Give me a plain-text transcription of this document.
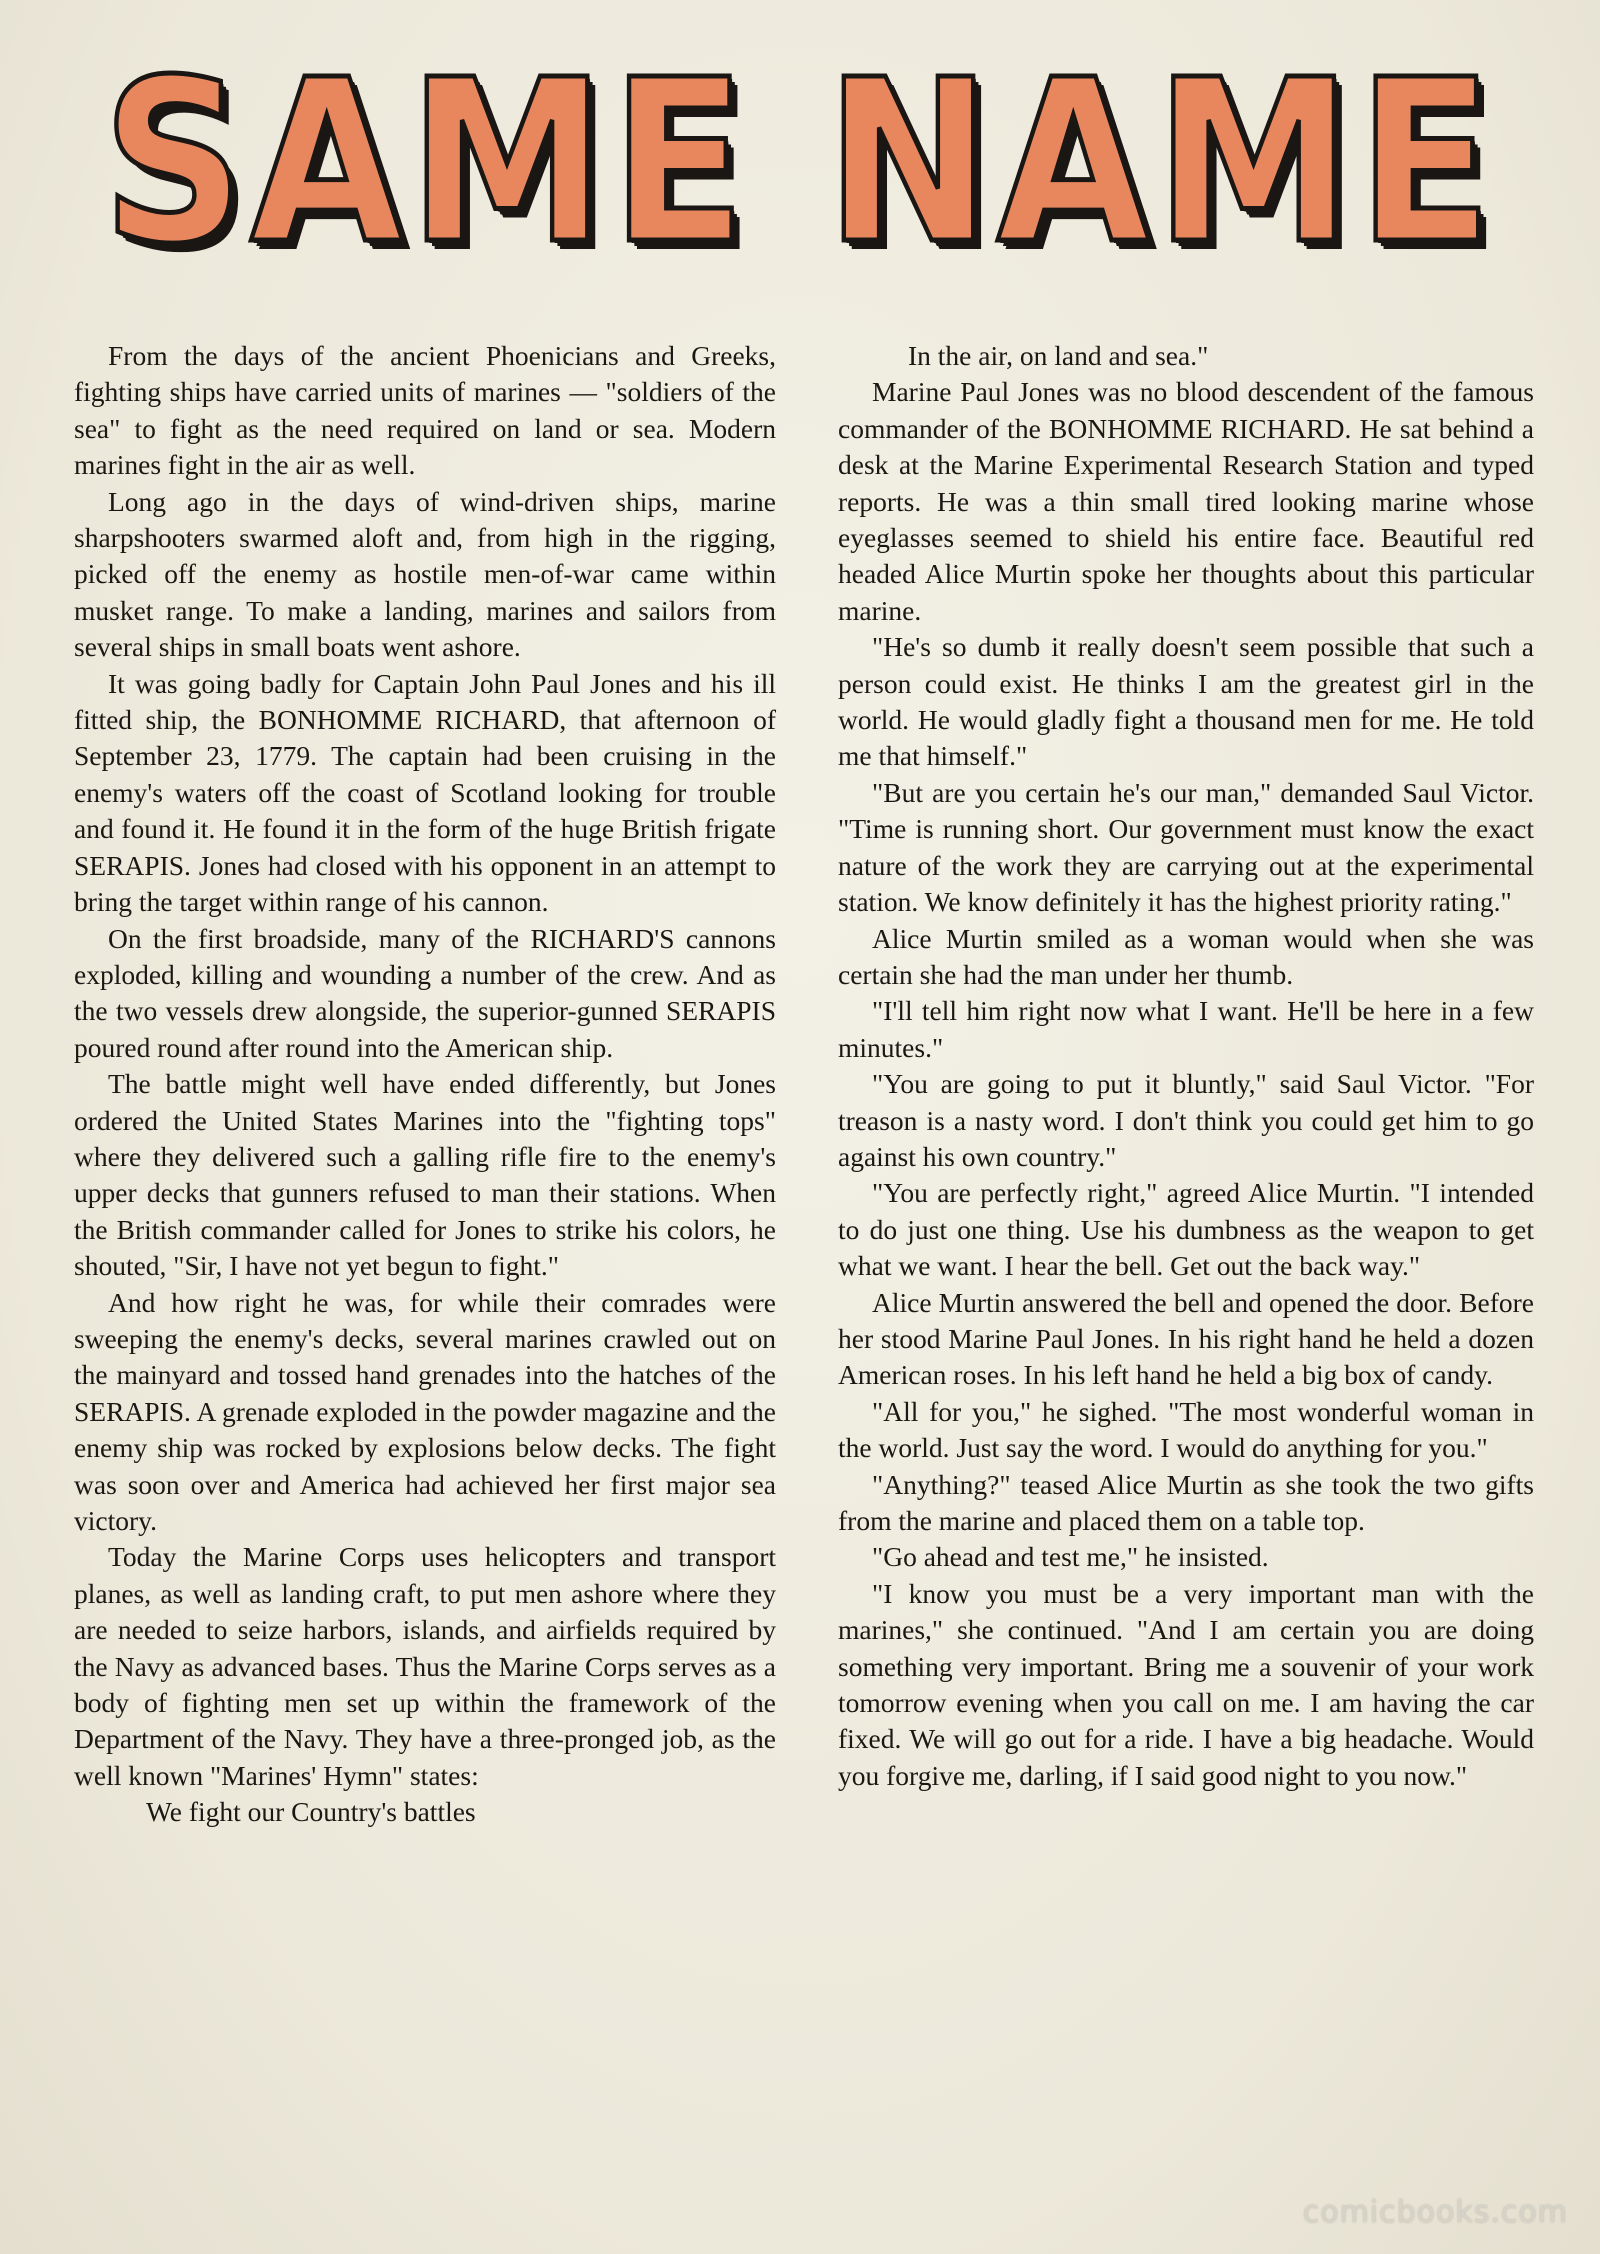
SAME NAME

From the days of the ancient Phoenicians and Greeks, fighting ships have carried units of marines — "soldiers of the sea" to fight as the need required on land or sea. Modern marines fight in the air as well.

Long ago in the days of wind-driven ships, marine sharpshooters swarmed aloft and, from high in the rigging, picked off the enemy as hostile men-of-war came within musket range. To make a landing, marines and sailors from several ships in small boats went ashore.

It was going badly for Captain John Paul Jones and his ill fitted ship, the BONHOMME RICHARD, that afternoon of September 23, 1779. The captain had been cruising in the enemy's waters off the coast of Scotland looking for trouble and found it. He found it in the form of the huge British frigate SERAPIS. Jones had closed with his opponent in an attempt to bring the target within range of his cannon.

On the first broadside, many of the RICHARD'S cannons exploded, killing and wounding a number of the crew. And as the two vessels drew alongside, the superior-gunned SERAPIS poured round after round into the American ship.

The battle might well have ended differently, but Jones ordered the United States Marines into the "fighting tops" where they delivered such a galling rifle fire to the enemy's upper decks that gunners refused to man their stations. When the British commander called for Jones to strike his colors, he shouted, "Sir, I have not yet begun to fight."

And how right he was, for while their comrades were sweeping the enemy's decks, several marines crawled out on the mainyard and tossed hand grenades into the hatches of the SERAPIS. A grenade exploded in the powder magazine and the enemy ship was rocked by explosions below decks. The fight was soon over and America had achieved her first major sea victory.

Today the Marine Corps uses helicopters and transport planes, as well as landing craft, to put men ashore where they are needed to seize harbors, islands, and airfields required by the Navy as advanced bases. Thus the Marine Corps serves as a body of fighting men set up within the framework of the Department of the Navy. They have a three-pronged job, as the well known "Marines' Hymn" states:

We fight our Country's battles

In the air, on land and sea."

Marine Paul Jones was no blood descendent of the famous commander of the BONHOMME RICHARD. He sat behind a desk at the Marine Experimental Research Station and typed reports. He was a thin small tired looking marine whose eyeglasses seemed to shield his entire face. Beautiful red headed Alice Murtin spoke her thoughts about this particular marine.

"He's so dumb it really doesn't seem possible that such a person could exist. He thinks I am the greatest girl in the world. He would gladly fight a thousand men for me. He told me that himself."

"But are you certain he's our man," demanded Saul Victor. "Time is running short. Our government must know the exact nature of the work they are carrying out at the experimental station. We know definitely it has the highest priority rating."

Alice Murtin smiled as a woman would when she was certain she had the man under her thumb.

"I'll tell him right now what I want. He'll be here in a few minutes."

"You are going to put it bluntly," said Saul Victor. "For treason is a nasty word. I don't think you could get him to go against his own country."

"You are perfectly right," agreed Alice Murtin. "I intended to do just one thing. Use his dumbness as the weapon to get what we want. I hear the bell. Get out the back way."

Alice Murtin answered the bell and opened the door. Before her stood Marine Paul Jones. In his right hand he held a dozen American roses. In his left hand he held a big box of candy.

"All for you," he sighed. "The most wonderful woman in the world. Just say the word. I would do anything for you."

"Anything?" teased Alice Murtin as she took the two gifts from the marine and placed them on a table top.

"Go ahead and test me," he insisted.

"I know you must be a very important man with the marines," she continued. "And I am certain you are doing something very important. Bring me a souvenir of your work tomorrow evening when you call on me. I am having the car fixed. We will go out for a ride. I have a big headache. Would you forgive me, darling, if I said good night to you now."

comicbooks.com
